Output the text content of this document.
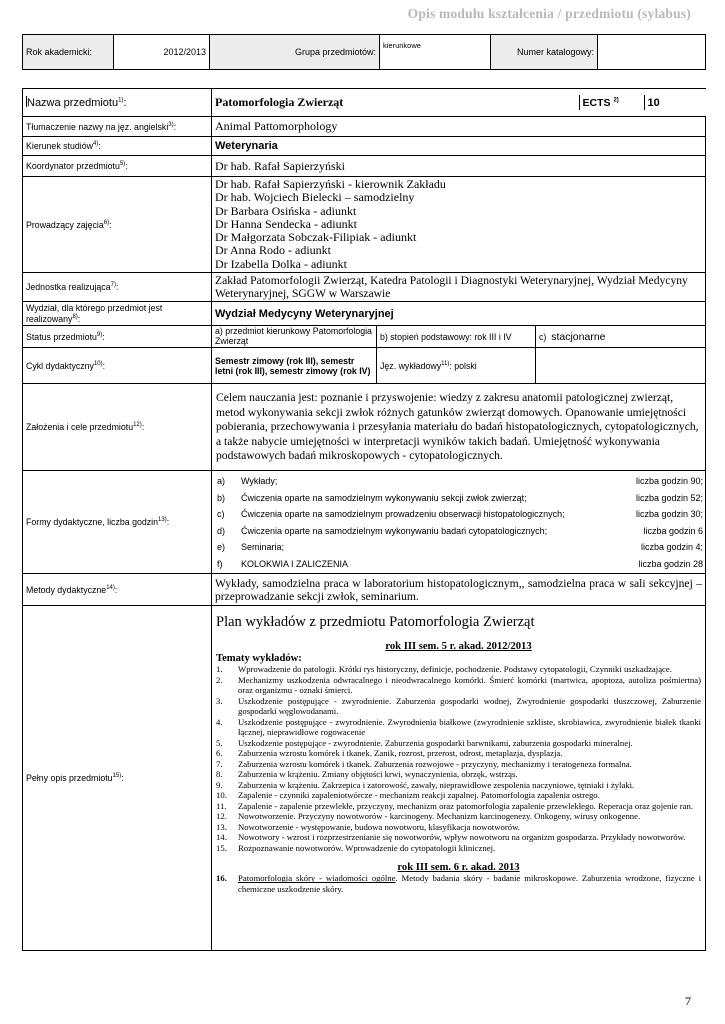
Opis modułu kształcenia / przedmiotu (sylabus)
Rok akademicki:	2012/2013	Grupa przedmiotów:	kierunkowe	Numer katalogowy:	
Nazwa przedmiotu$^{1)}$:		Patomorfologia Zwierząt	ECTS $^{2)}$	10

Tłumaczenie nazwy na jęz. angielski$^{3)}$:	Animal Pattomorphology
Kierunek studiów$^{4)}$:	Weterynaria
Koordynator przedmiotu$^{5)}$:	Dr hab. Rafał Sapierzyński
Prowadzący zajęcia$^{6)}$:	
Dr hab. Rafał Sapierzyński - kierownik Zakładu
Dr hab. Wojciech Bielecki – samodzielny
Dr Barbara Osińska - adiunkt
Dr Hanna Sendecka - adiunkt
Dr Małgorzata Sobczak-Filipiak - adiunkt
Dr Anna Rodo - adiunkt
Dr Izabella Dolka - adiunkt

Jednostka realizująca$^{7)}$:	Zakład Patomorfologii Zwierząt, Katedra Patologii i Diagnostyki Weterynaryjnej, Wydział Medycyny Weterynaryjnej, SGGW w Warszawie
Wydział, dla którego przedmiot jest realizowany$^{8)}$:	Wydział Medycyny Weterynaryjnej
Status przedmiotu$^{9)}$:	a) przedmiot kierunkowy Patomorfologia Zwierząt	b) stopień podstawowy: rok III i IV	c) stacjonarne
Cykl dydaktyczny$^{10)}$:	Semestr zimowy (rok III), semestr letni (rok III), semestr zimowy (rok IV)	Jęz. wykładowy$^{11)}$: polski	
Założenia i cele przedmiotu$^{12)}$:	Celem nauczania jest: poznanie i przyswojenie: wiedzy z zakresu anatomii patologicznej zwierząt, metod wykonywania sekcji zwłok różnych gatunków zwierząt domowych. Opanowanie umiejętności pobierania, przechowywania i przesyłania materiału do badań histopatologicznych, cytopatologicznych, a także nabycie umiejętności w interpretacji wyników takich badań. Umiejętność wykonywania podstawowych badań mikroskopowych - cytopatologicznych.
Formy dydaktyczne, liczba godzin$^{13)}$:	
a)	Wykłady;	liczba godzin 90;
b)	Ćwiczenia oparte na samodzielnym wykonywaniu sekcji zwłok zwierząt;	liczba godzin 52;
c)	Ćwiczenia oparte na samodzielnym prowadzeniu obserwacji histopatologicznych;	liczba godzin 30;
d)	Ćwiczenia oparte na samodzielnym wykonywaniu badań cytopatologicznych;	liczba godzin 6
e)	Seminaria;	liczba godzin 4;
f)	KOLOKWIA I ZALICZENIA	liczba godzin 28

Metody dydaktyczne$^{14)}$:	Wykłady, samodzielna praca w laboratorium histopatologicznym,, samodzielna praca w sali sekcyjnej – przeprowadzanie sekcji zwłok, seminarium.
Pełny opis przedmiotu$^{15)}$:	
Plan wykładów z przedmiotu Patomorfologia Zwierząt

rok III sem. 5 r. akad. 2012/2013

Tematy wykładów:

1.	Wprowadzenie do patologii. Krótki rys historyczny, definicje, pochodzenie. Podstawy cytopatologii, Czynniki uszkadzające.
2.	Mechanizmy uszkodzenia odwracalnego i nieodwracalnego komórki. Śmierć komórki (martwica, apoptoza, autoliza pośmiertna) oraz organizmu - oznaki śmierci.
3.	Uszkodzenie postępujące - zwyrodnienie. Zaburzenia gospodarki wodnej, Zwyrodnienie gospodarki tłuszczowej, Zaburzenie gospodarki węglowodanami.
4.	Uszkodzenie postępujące - zwyrodnienie. Zwyrodnienia białkowe (zwyrodnienie szkliste, skrobiawica, zwyrodnienie białek tkanki łącznej, nieprawidłowe rogowacenie
5.	Uszkodzenie postępujące - zwyrodnienie. Zaburzenia gospodarki barwnikami, zaburzenia gospodarki mineralnej.
6.	Zaburzenia wzrostu komórek i tkanek. Zanik, rozrost, przerost, odrost, metaplazja, dysplazja.
7.	Zaburzenia wzrostu komórek i tkanek. Zaburzenia rozwojowe - przyczyny, mechanizmy i teratogeneza formalna.
8.	Zaburzenia w krążeniu. Zmiany objętości krwi, wynaczynienia, obrzęk, wstrząs.
9.	Zaburzenia w krążeniu. Zakrzepica i zatorowość, zawały, nieprawidłowe zespolenia naczyniowe, tętniaki i żylaki.
10.	Zapalenie - czynniki zapaleniotwórcze - mechanizm reakcji zapalnej. Patomorfologia zapalenia ostrego.
11.	Zapalenie - zapalenie przewlekłe, przyczyny, mechanizm oraz patomorfologia zapalenie przewlekłego. Reperacja oraz gojenie ran.
12.	Nowotworzenie. Przyczyny nowotworów - karcinogeny. Mechanizm karcinogenezy. Onkogeny, wirusy onkogenne.
13.	Nowotworzenie - występowanie, budowa nowotworu, klasyfikacja nowotworów.
14.	Nowotwory - wzrost i rozprzestrzenianie się nowotworów, wpływ nowotworu na organizm gospodarza. Przykłady nowotworów.
15.	Rozpoznawanie nowotworów. Wprowadzenie do cytopatologii klinicznej.

rok III sem. 6 r. akad. 2013

16.	Patomorfologia skóry - wiadomości ogólne. Metody badania skóry - badanie mikroskopowe. Zaburzenia wrodzone, fizyczne i chemiczne uszkodzenie skóry.
7
